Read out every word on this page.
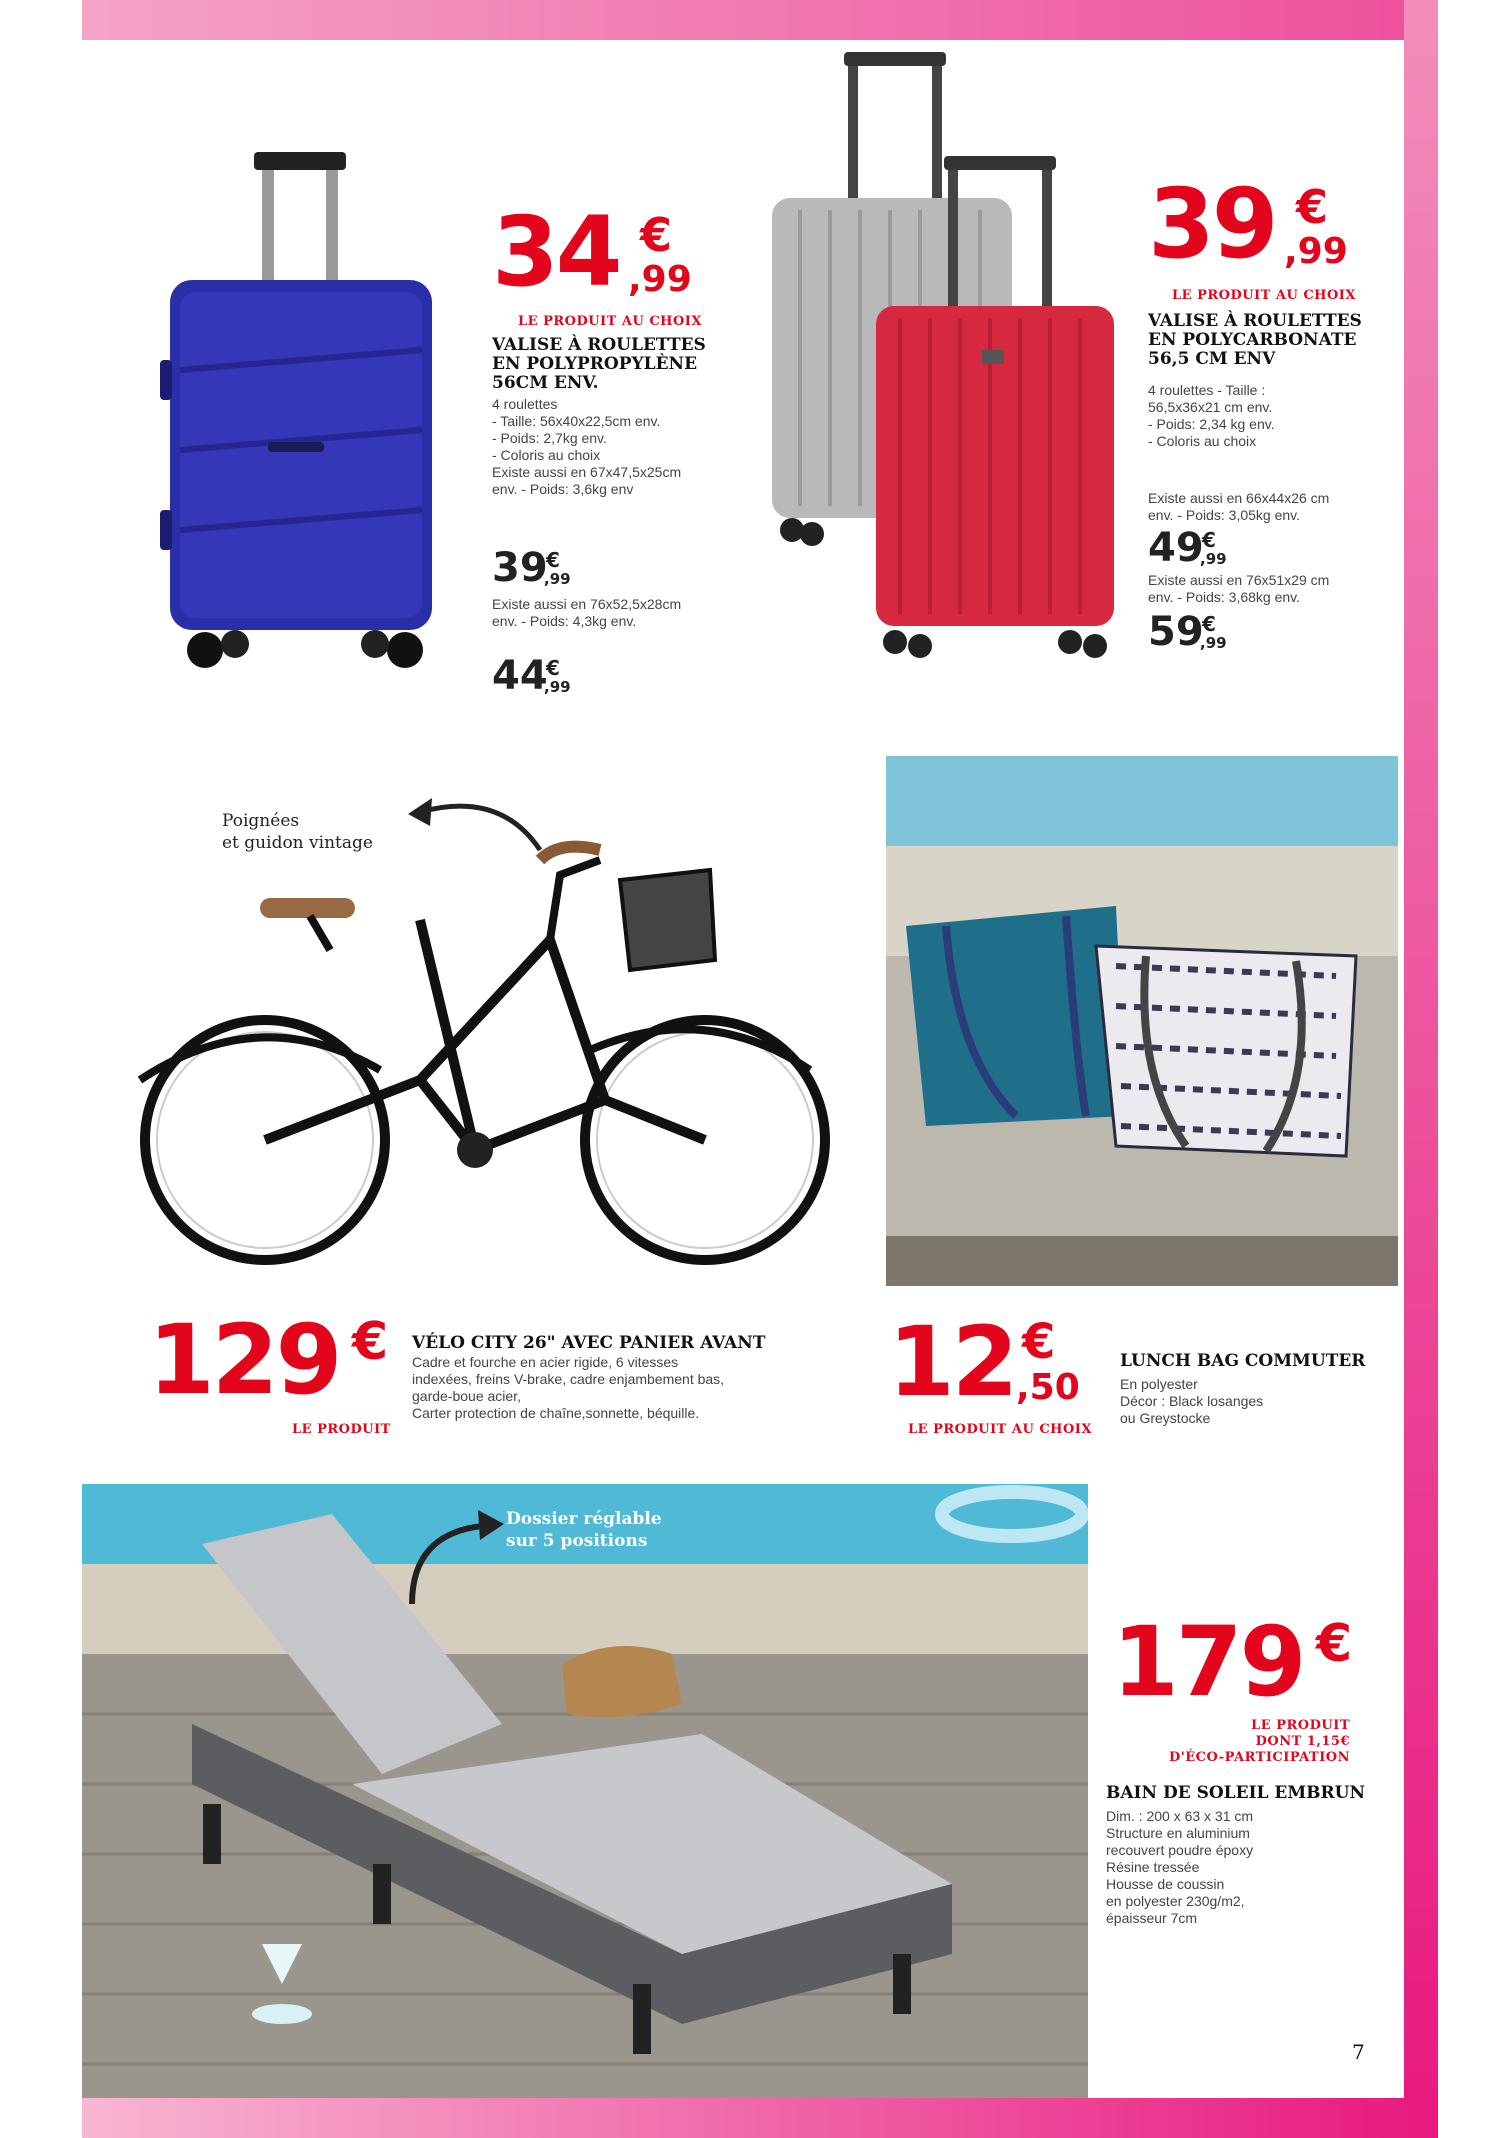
34 €
,99
LE PRODUIT AU CHOIX
VALISE À ROULETTES
EN POLYPROPYLÈNE
56CM ENV.
4 roulettes
- Taille: 56x40x22,5cm env.
- Poids: 2,7kg env.
- Coloris au choix
Existe aussi en 67x47,5x25cm
env. - Poids: 3,6kg env
39
€
,99
Existe aussi en 76x52,5x28cm
env. - Poids: 4,3kg env.
44
€
,99
39 €
,99
LE PRODUIT AU CHOIX
VALISE À ROULETTES
EN POLYCARBONATE
56,5 CM ENV
4 roulettes - Taille :
56,5x36x21 cm env.
- Poids: 2,34 kg env.
- Coloris au choix
Existe aussi en 66x44x26 cm
env. - Poids: 3,05kg env.
49
€
,99
Existe aussi en 76x51x29 cm
env. - Poids: 3,68kg env.
59
€
,99
Poignées
et guidon vintage
129 €
LE PRODUIT
VÉLO CITY 26" AVEC PANIER AVANT
Cadre et fourche en acier rigide, 6 vitesses
indexées, freins V-brake, cadre enjambement bas,
garde-boue acier,
Carter protection de chaîne,sonnette, béquille. 12 €
,50
LE PRODUIT AU CHOIX
LUNCH BAG COMMUTER
En polyester
Décor : Black losanges
ou Greystocke
Dossier réglable
sur 5 positions
179 €
LE PRODUIT
DONT 1,15€
D'ÉCO-PARTICIPATION
BAIN DE SOLEIL EMBRUN
Dim. : 200 x 63 x 31 cm
Structure en aluminium
recouvert poudre époxy
Résine tressée
Housse de coussin
en polyester 230g/m2,
épaisseur 7cm
7
